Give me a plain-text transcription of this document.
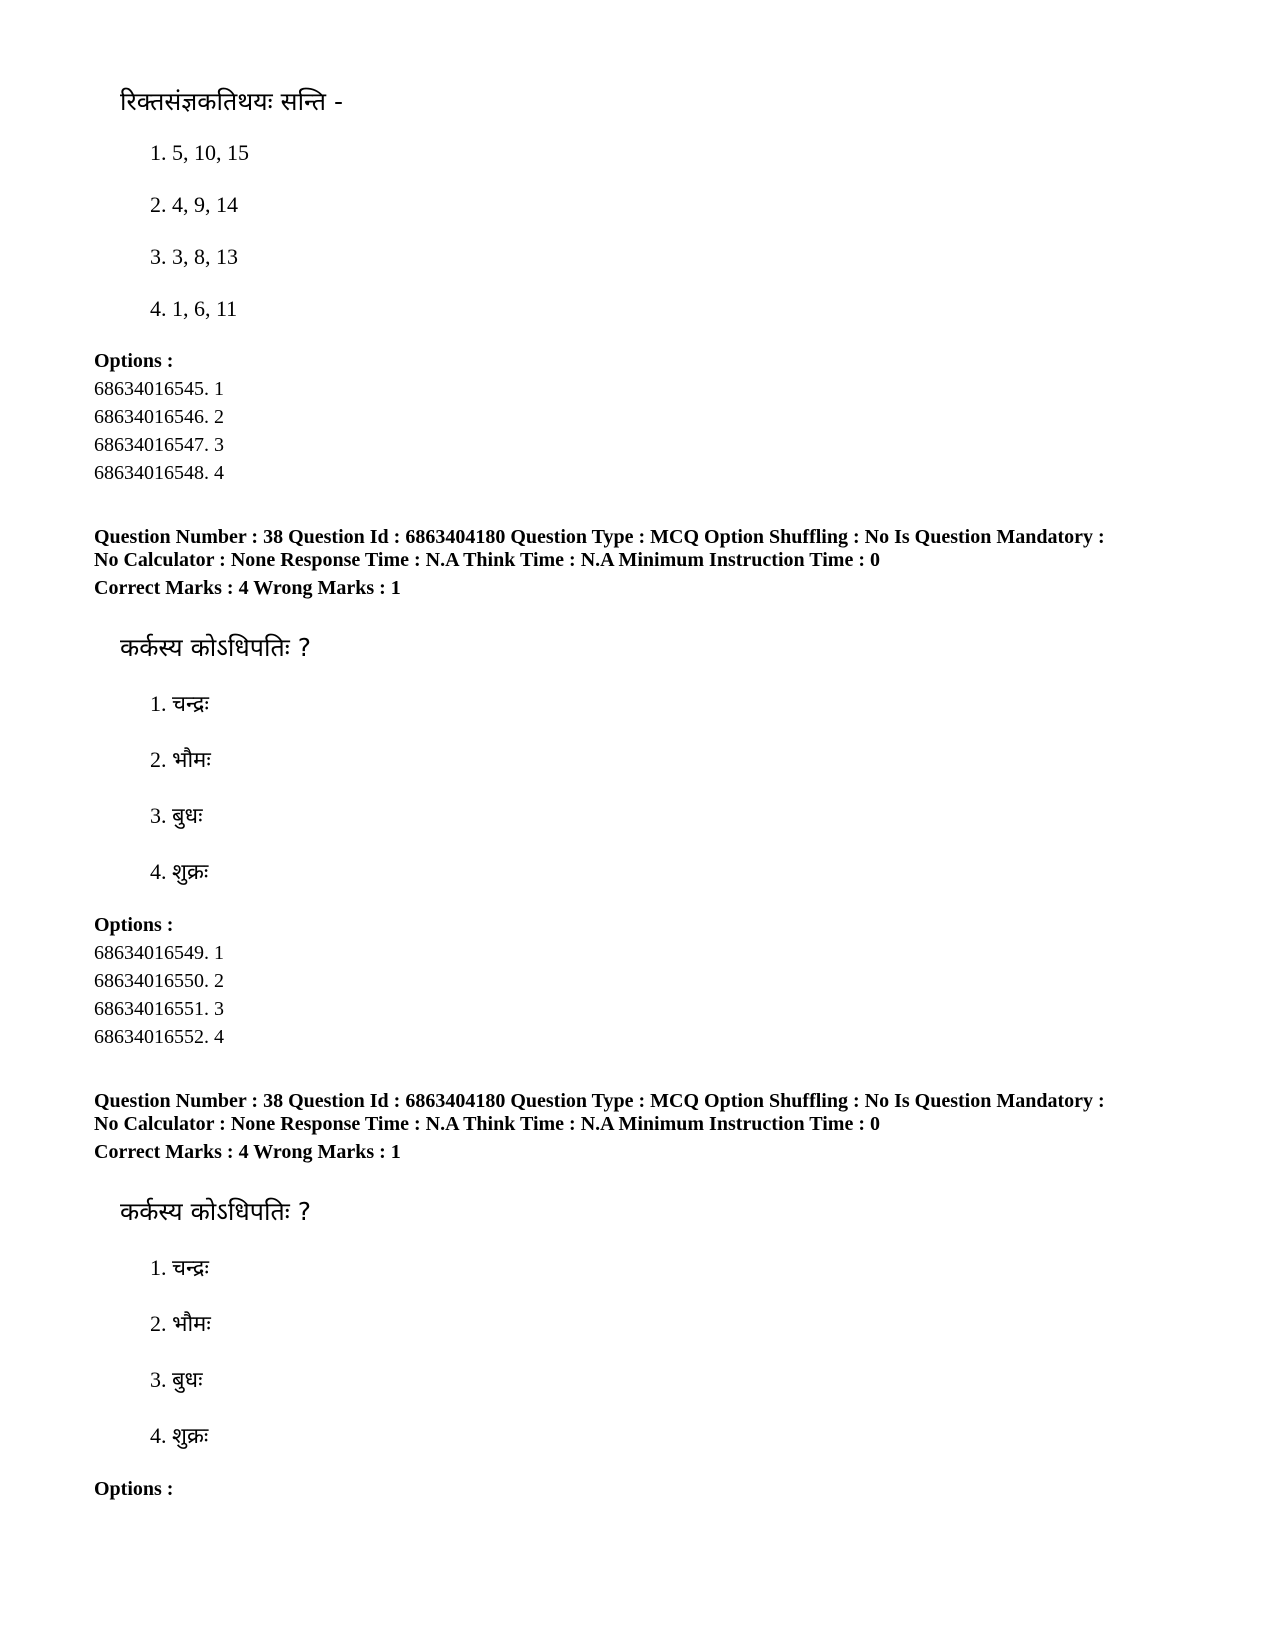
रिक्तसंज्ञकतिथयः सन्ति -
1. 5, 10, 15
2. 4, 9, 14
3. 3, 8, 13
4. 1, 6, 11
Options :
68634016545. 1
68634016546. 2
68634016547. 3
68634016548. 4
Question Number : 38 Question Id : 6863404180 Question Type : MCQ Option Shuffling : No Is Question Mandatory :
No Calculator : None Response Time : N.A Think Time : N.A Minimum Instruction Time : 0
Correct Marks : 4 Wrong Marks : 1
कर्कस्य कोऽधिपतिः ?
1. चन्द्रः
2. भौमः
3. बुधः
4. शुक्रः
Options :
68634016549. 1
68634016550. 2
68634016551. 3
68634016552. 4
Question Number : 38 Question Id : 6863404180 Question Type : MCQ Option Shuffling : No Is Question Mandatory :
No Calculator : None Response Time : N.A Think Time : N.A Minimum Instruction Time : 0
Correct Marks : 4 Wrong Marks : 1
कर्कस्य कोऽधिपतिः ?
1. चन्द्रः
2. भौमः
3. बुधः
4. शुक्रः
Options :
